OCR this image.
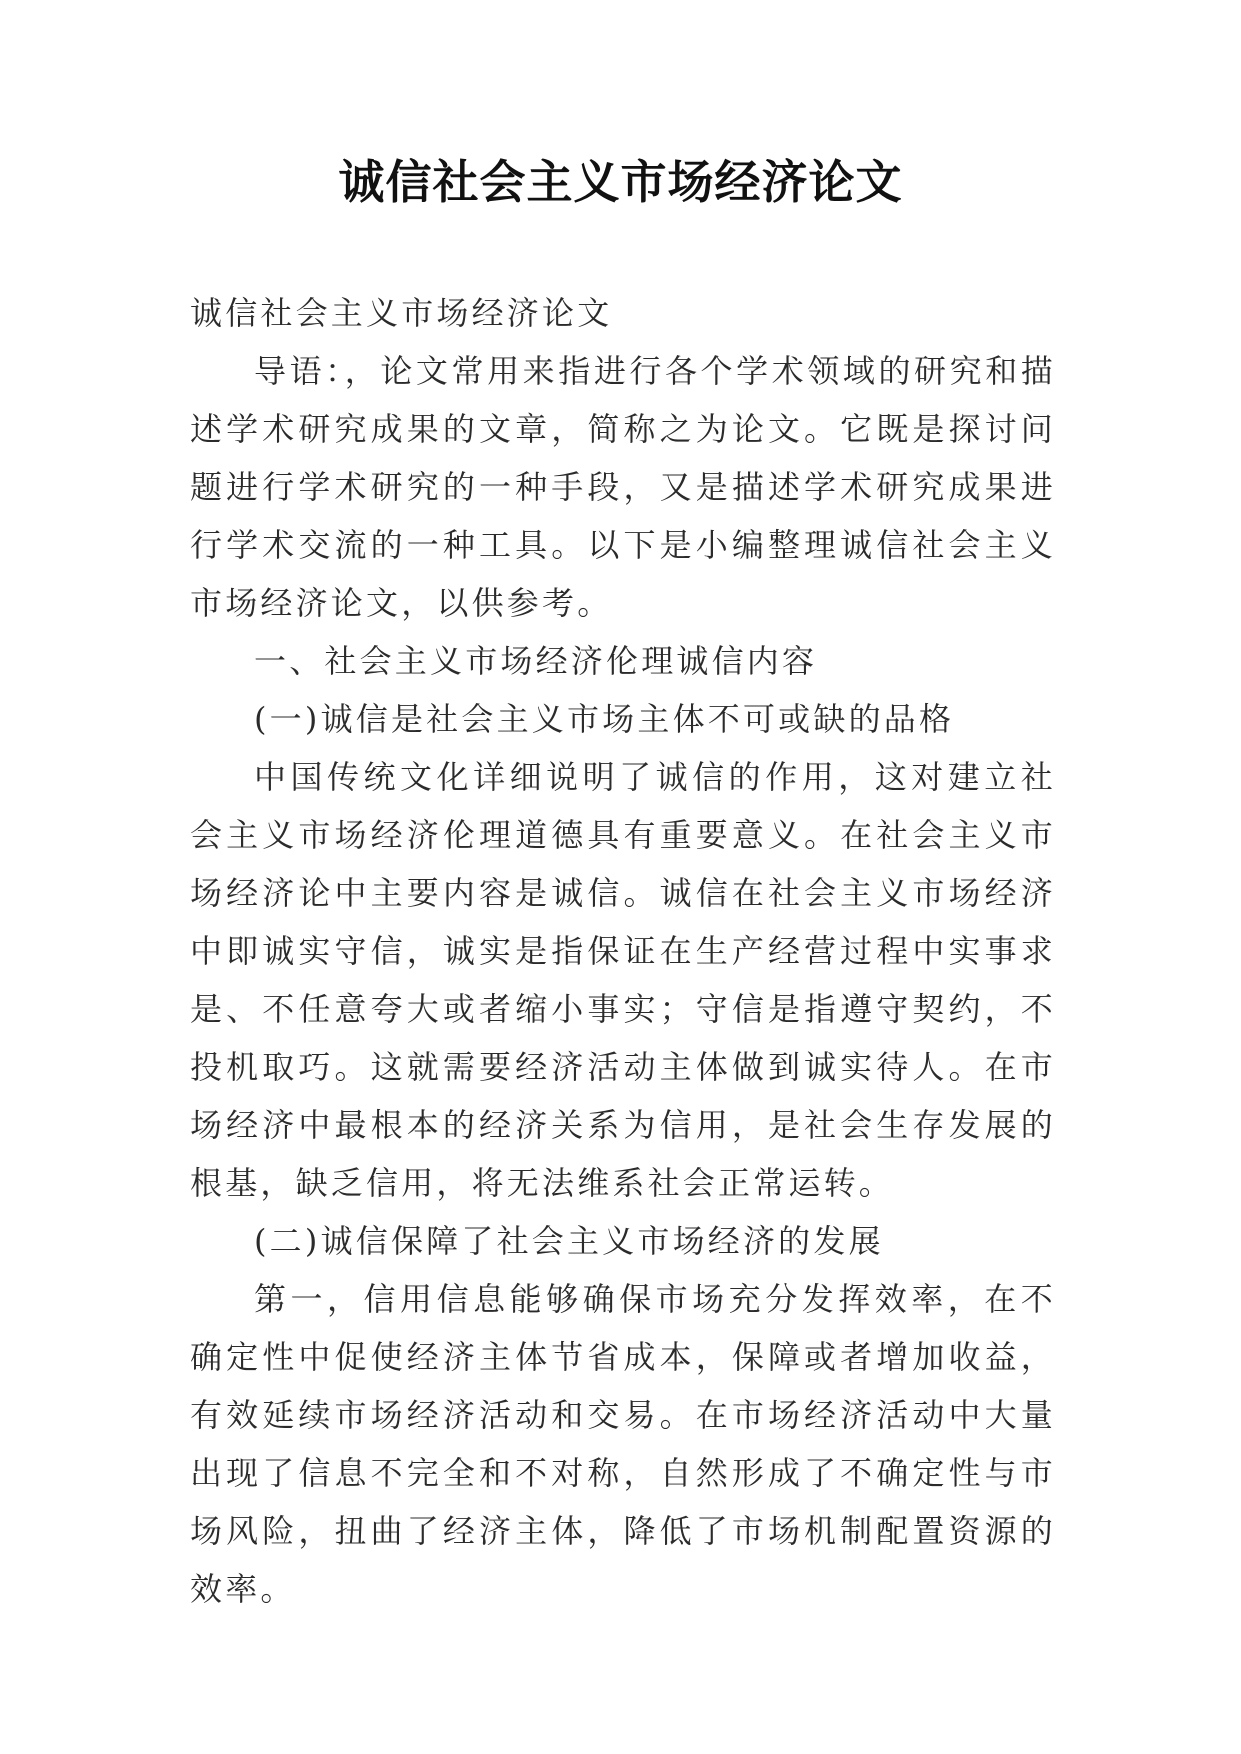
诚信社会主义市场经济论文

诚信社会主义市场经济论文

导语：，论文常用来指进行各个学术领域的研究和描述学术研究成果的文章，简称之为论文。它既是探讨问题进行学术研究的一种手段，又是描述学术研究成果进行学术交流的一种工具。以下是小编整理诚信社会主义市场经济论文，以供参考。

一、社会主义市场经济伦理诚信内容

(一)诚信是社会主义市场主体不可或缺的品格

中国传统文化详细说明了诚信的作用，这对建立社会主义市场经济伦理道德具有重要意义。在社会主义市场经济论中主要内容是诚信。诚信在社会主义市场经济中即诚实守信，诚实是指保证在生产经营过程中实事求是、不任意夸大或者缩小事实；守信是指遵守契约，不投机取巧。这就需要经济活动主体做到诚实待人。在市场经济中最根本的经济关系为信用，是社会生存发展的根基，缺乏信用，将无法维系社会正常运转。

(二)诚信保障了社会主义市场经济的发展

第一，信用信息能够确保市场充分发挥效率，在不确定性中促使经济主体节省成本，保障或者增加收益，有效延续市场经济活动和交易。在市场经济活动中大量出现了信息不完全和不对称，自然形成了不确定性与市场风险，扭曲了经济主体，降低了市场机制配置资源的效率。
